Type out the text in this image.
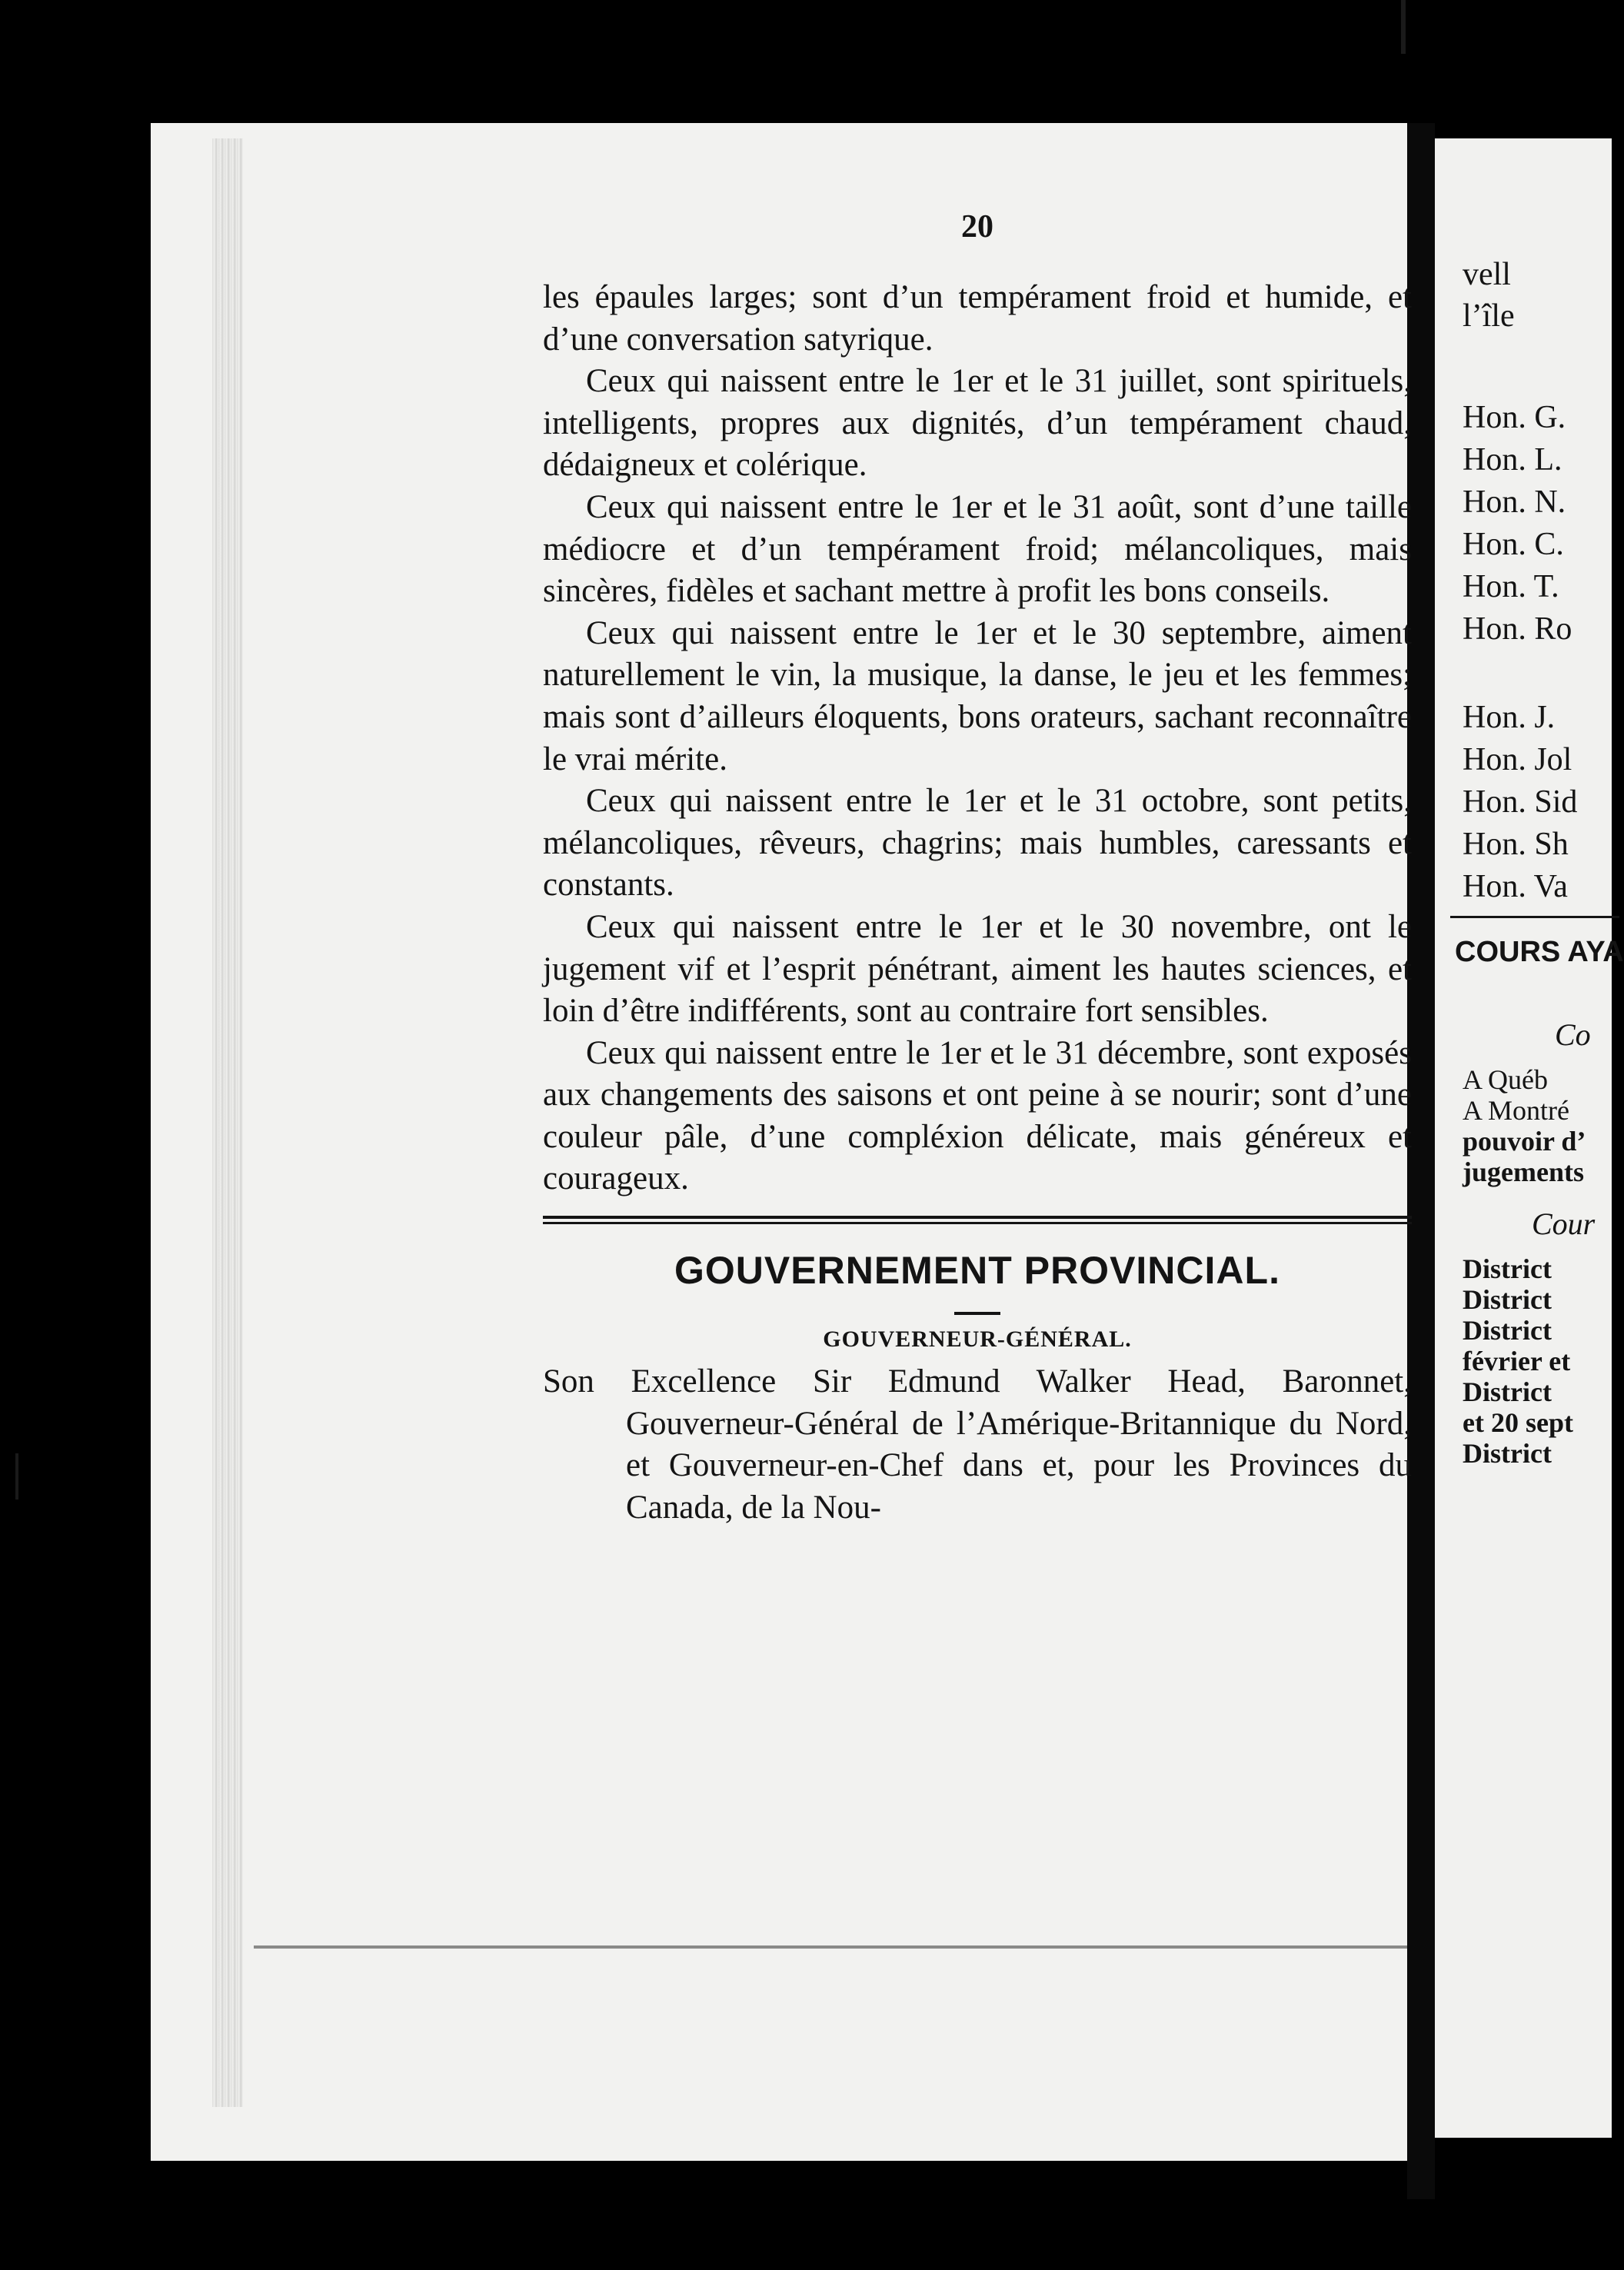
20

les épaules larges; sont d’un tempérament froid et humide, et d’une conversation satyrique.

Ceux qui naissent entre le 1er et le 31 juillet, sont spirituels, intelligents, propres aux dignités, d’un tempérament chaud, dédaigneux et colérique.

Ceux qui naissent entre le 1er et le 31 août, sont d’une taille médiocre et d’un tempérament froid; mélancoliques, mais sincères, fidèles et sachant mettre à profit les bons conseils.

Ceux qui naissent entre le 1er et le 30 septembre, aiment naturellement le vin, la musique, la danse, le jeu et les femmes; mais sont d’ailleurs éloquents, bons orateurs, sachant reconnaître le vrai mérite.

Ceux qui naissent entre le 1er et le 31 octobre, sont petits, mélancoliques, rêveurs, chagrins; mais humbles, caressants et constants.

Ceux qui naissent entre le 1er et le 30 novembre, ont le jugement vif et l’esprit pénétrant, aiment les hautes sciences, et loin d’être indifférents, sont au contraire fort sensibles.

Ceux qui naissent entre le 1er et le 31 décembre, sont exposés aux changements des saisons et ont peine à se nourir; sont d’une couleur pâle, d’une compléxion délicate, mais généreux et courageux.

GOUVERNEMENT PROVINCIAL.
GOUVERNEUR-GÉNÉRAL.

Son Excellence Sir Edmund Walker Head, Baronnet, Gouverneur-Général de l’Amérique-Britannique du Nord, et Gouverneur-en-Chef dans et, pour les Provinces du Canada, de la Nou-

vell
l’île
Hon. G.
Hon. L.
Hon. N.
Hon. C.
Hon. T.
Hon. Ro
Hon. J.
Hon. Jol
Hon. Sid
Hon. Sh
Hon. Va
COURS AYA
Co
A Québ
A Montré
pouvoir d’
jugements
Cour
District
District
District
février et
District
et 20 sept
District
